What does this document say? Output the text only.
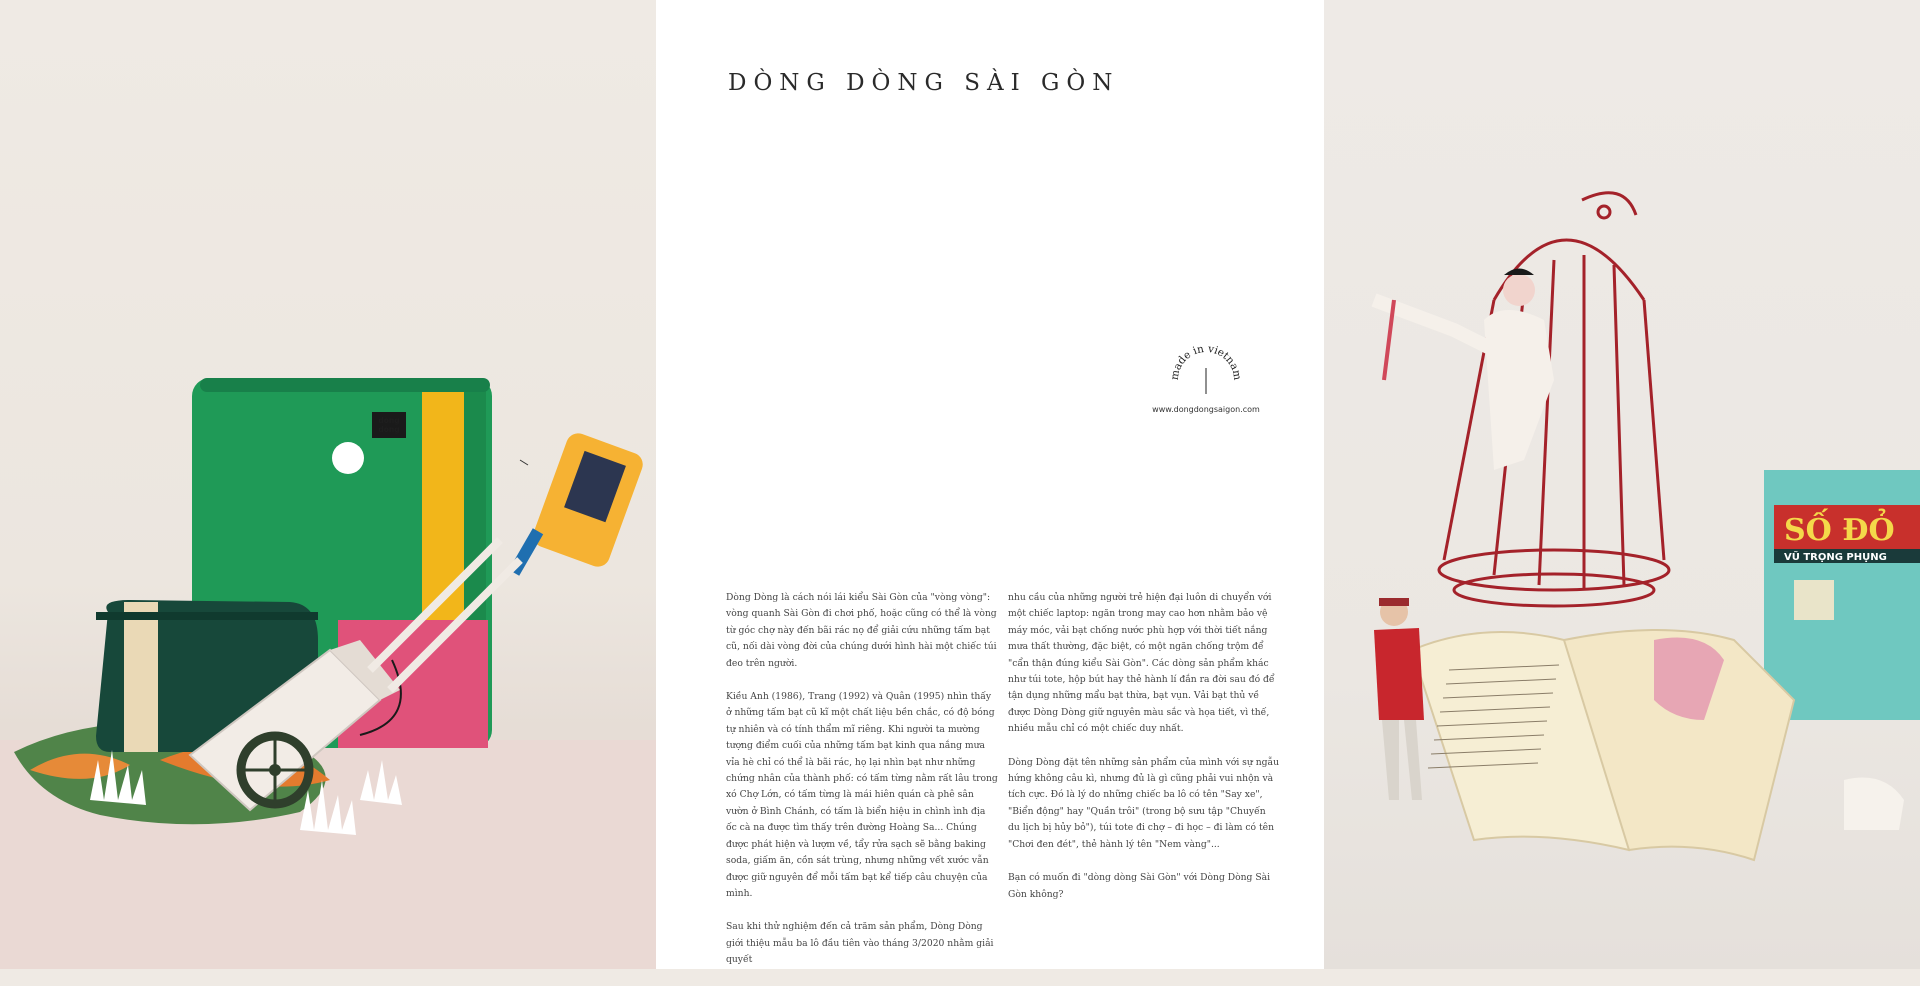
dòng
dòng
DÒNG DÒNG SÀI GÒN
made in vietnam
www.dongdongsaigon.com

Dòng Dòng là cách nói lái kiểu Sài Gòn của "vòng vòng": vòng quanh Sài Gòn đi chơi phố, hoặc cũng có thể là vòng từ góc chợ này đến bãi rác nọ để giải cứu những tấm bạt cũ, nối dài vòng đời của chúng dưới hình hài một chiếc túi đeo trên người.

Kiều Anh (1986), Trang (1992) và Quân (1995) nhìn thấy ở những tấm bạt cũ kĩ một chất liệu bền chắc, có độ bóng tự nhiên và có tính thẩm mĩ riêng. Khi người ta mường tượng điểm cuối của những tấm bạt kinh qua nắng mưa vỉa hè chỉ có thể là bãi rác, họ lại nhìn bạt như những chứng nhân của thành phố: có tấm từng nằm rất lâu trong xó Chợ Lớn, có tấm từng là mái hiên quán cà phê sân vườn ở Bình Chánh, có tấm là biển hiệu in chình ình địa ốc cà na được tìm thấy trên đường Hoàng Sa... Chúng được phát hiện và lượm về, tẩy rửa sạch sẽ bằng baking soda, giấm ăn, cồn sát trùng, nhưng những vết xước vẫn được giữ nguyên để mỗi tấm bạt kể tiếp câu chuyện của mình.

Sau khi thử nghiệm đến cả trăm sản phẩm, Dòng Dòng giới thiệu mẫu ba lô đầu tiên vào tháng 3/2020 nhằm giải quyết

nhu cầu của những người trẻ hiện đại luôn di chuyển với một chiếc laptop: ngăn trong may cao hơn nhằm bảo vệ máy móc, vải bạt chống nước phù hợp với thời tiết nắng mưa thất thường, đặc biệt, có một ngăn chống trộm để "cẩn thận đúng kiểu Sài Gòn". Các dòng sản phẩm khác như túi tote, hộp bút hay thẻ hành lí đắn ra đời sau đó để tận dụng những mẩu bạt thừa, bạt vụn. Vải bạt thủ về được Dòng Dòng giữ nguyên màu sắc và họa tiết, vì thế, nhiều mẫu chỉ có một chiếc duy nhất.

Dòng Dòng đặt tên những sản phẩm của mình với sự ngẫu hứng không câu kì, nhưng đủ là gì cũng phải vui nhộn và tích cực. Đó là lý do những chiếc ba lô có tên "Say xe", "Biển động" hay "Quần trôi" (trong bộ sưu tập "Chuyến du lịch bị hủy bỏ"), túi tote đi chợ – đi học – đi làm có tên "Chơi đen đét", thẻ hành lý tên "Nem vàng"...

Bạn có muốn đi "dòng dòng Sài Gòn" với Dòng Dòng Sài Gòn không?

SỐ ĐỎ
VŨ TRỌNG PHỤNG
